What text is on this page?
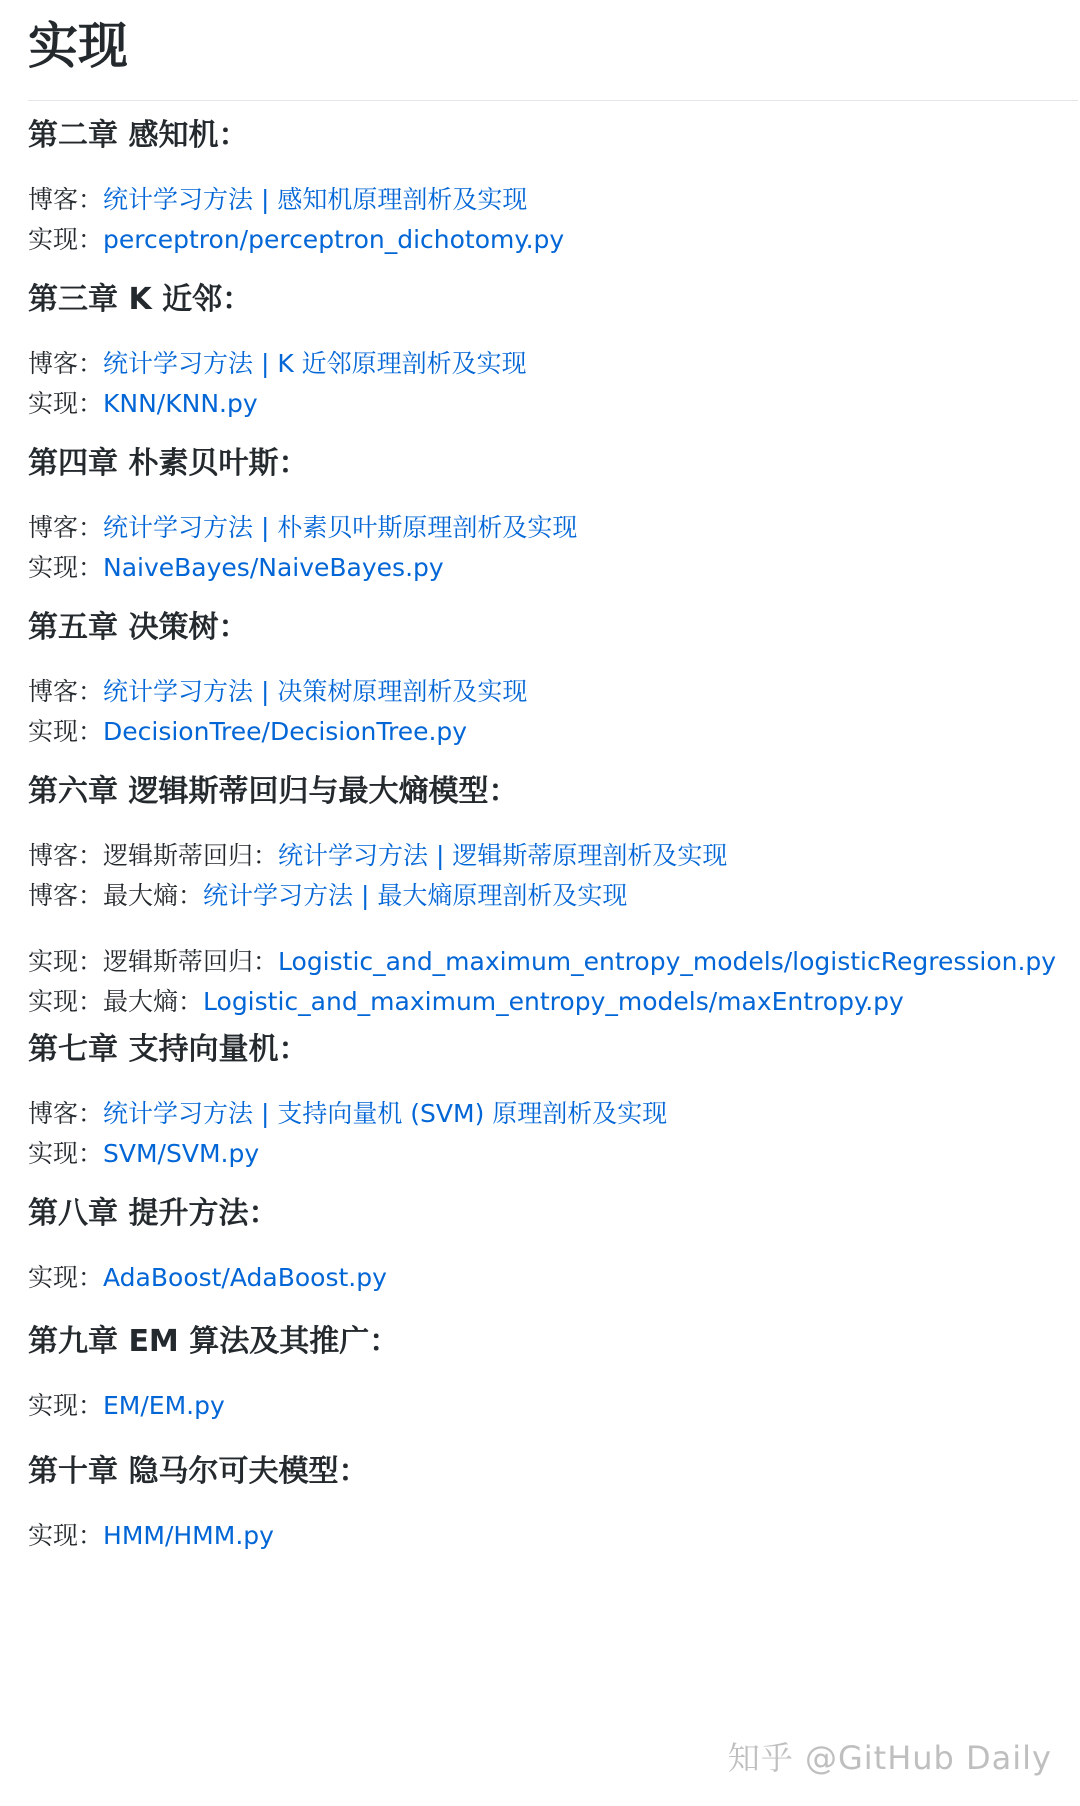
实现
第二章 感知机：
博客：统计学习方法 | 感知机原理剖析及实现
实现：perceptron/perceptron_dichotomy.py
第三章 K 近邻：
博客：统计学习方法 | K 近邻原理剖析及实现
实现：KNN/KNN.py
第四章 朴素贝叶斯：
博客：统计学习方法 | 朴素贝叶斯原理剖析及实现
实现：NaiveBayes/NaiveBayes.py
第五章 决策树：
博客：统计学习方法 | 决策树原理剖析及实现
实现：DecisionTree/DecisionTree.py
第六章 逻辑斯蒂回归与最大熵模型：
博客：逻辑斯蒂回归：统计学习方法 | 逻辑斯蒂原理剖析及实现
博客：最大熵：统计学习方法 | 最大熵原理剖析及实现
实现：逻辑斯蒂回归：Logistic_and_maximum_entropy_models/logisticRegression.py
实现：最大熵：Logistic_and_maximum_entropy_models/maxEntropy.py
第七章 支持向量机：
博客：统计学习方法 | 支持向量机 (SVM) 原理剖析及实现
实现：SVM/SVM.py
第八章 提升方法：
实现：AdaBoost/AdaBoost.py
第九章 EM 算法及其推广：
实现：EM/EM.py
第十章 隐马尔可夫模型：
实现：HMM/HMM.py
知乎 @GitHub Daily
